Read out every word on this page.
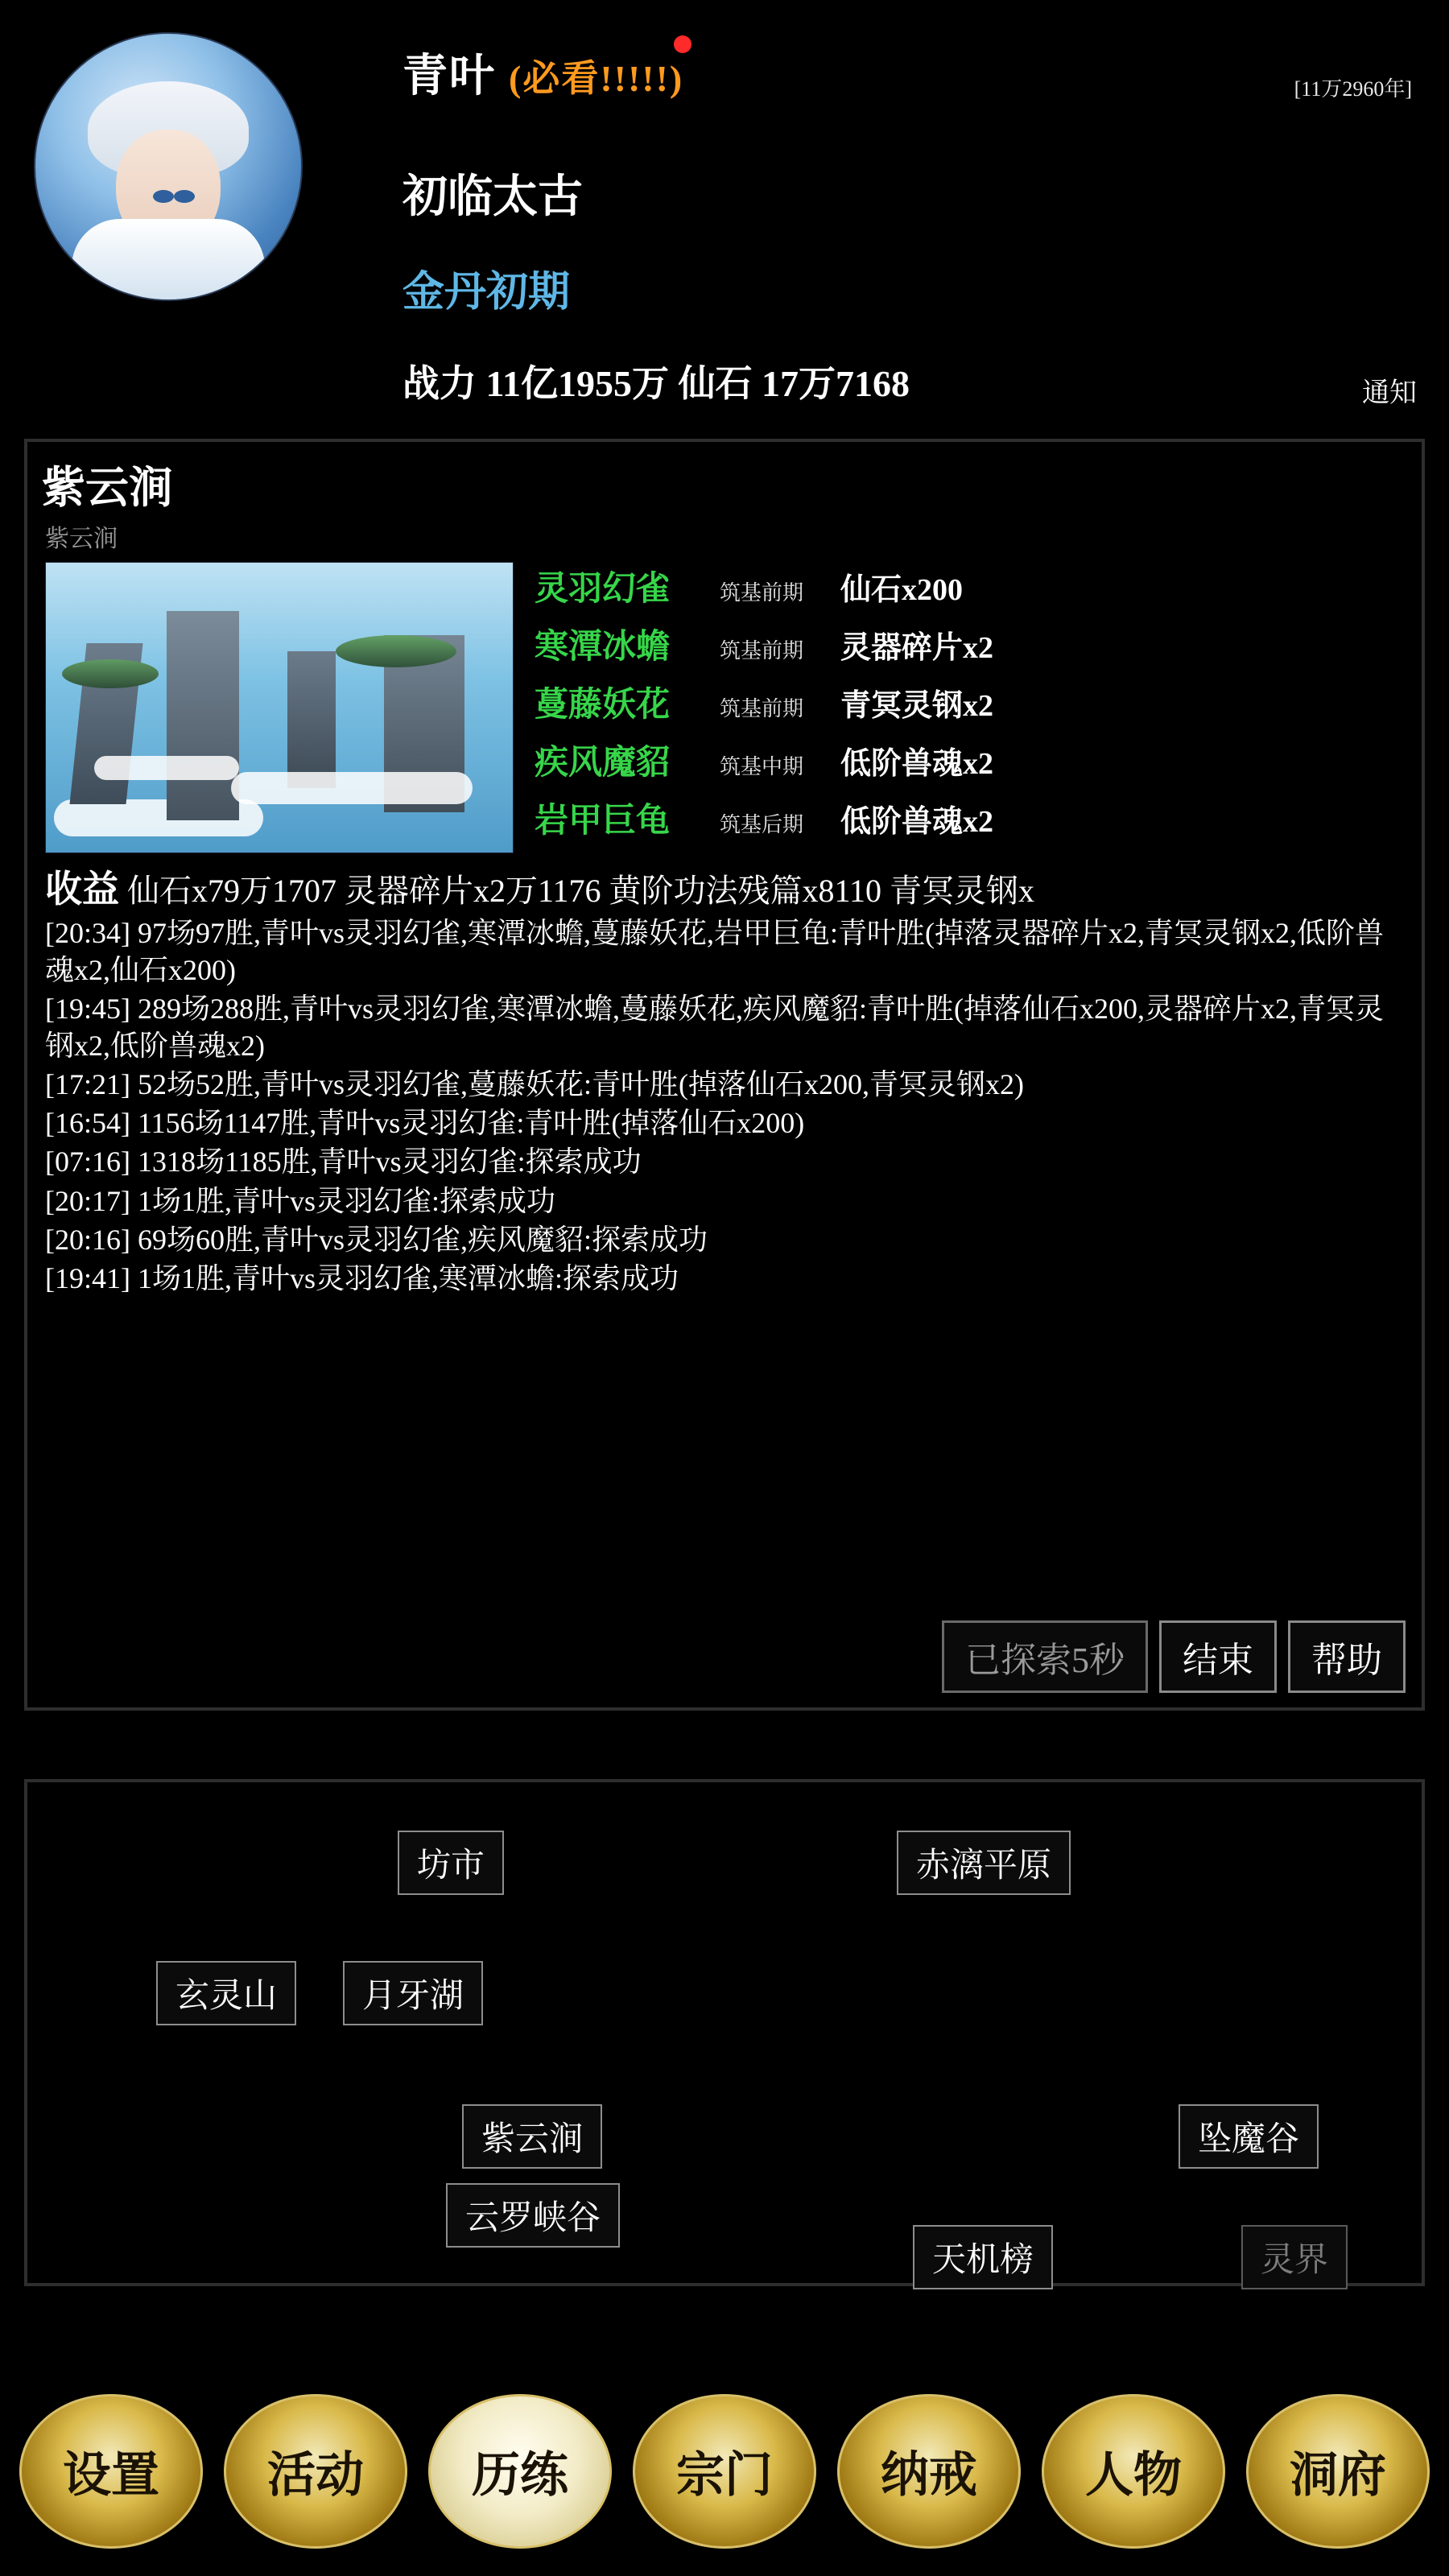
青叶 (必看!!!!!)
初临太古
金丹初期
战力 11亿1955万 仙石 17万7168
[11万2960年]
通知
紫云涧
紫云涧
灵羽幻雀	筑基前期	仙石x200
寒潭冰蟾	筑基前期	灵器碎片x2
蔓藤妖花	筑基前期	青冥灵钢x2
疾风魔貂	筑基中期	低阶兽魂x2
岩甲巨龟	筑基后期	低阶兽魂x2
收益 仙石x79万1707 灵器碎片x2万1176 黄阶功法残篇x8110 青冥灵钢x
[20:34] 97场97胜,青叶vs灵羽幻雀,寒潭冰蟾,蔓藤妖花,岩甲巨龟:青叶胜(掉落灵器碎片x2,青冥灵钢x2,低阶兽魂x2,仙石x200)
[19:45] 289场288胜,青叶vs灵羽幻雀,寒潭冰蟾,蔓藤妖花,疾风魔貂:青叶胜(掉落仙石x200,灵器碎片x2,青冥灵钢x2,低阶兽魂x2)
[17:21] 52场52胜,青叶vs灵羽幻雀,蔓藤妖花:青叶胜(掉落仙石x200,青冥灵钢x2)
[16:54] 1156场1147胜,青叶vs灵羽幻雀:青叶胜(掉落仙石x200)
[07:16] 1318场1185胜,青叶vs灵羽幻雀:探索成功
[20:17] 1场1胜,青叶vs灵羽幻雀:探索成功
[20:16] 69场60胜,青叶vs灵羽幻雀,疾风魔貂:探索成功
[19:41] 1场1胜,青叶vs灵羽幻雀,寒潭冰蟾:探索成功
已探索5秒	结束	帮助
坊市	赤漓平原
玄灵山	月牙湖
紫云涧	坠魔谷
云罗峡谷
天机榜	灵界
设置	活动	历练	宗门	纳戒	人物	洞府
